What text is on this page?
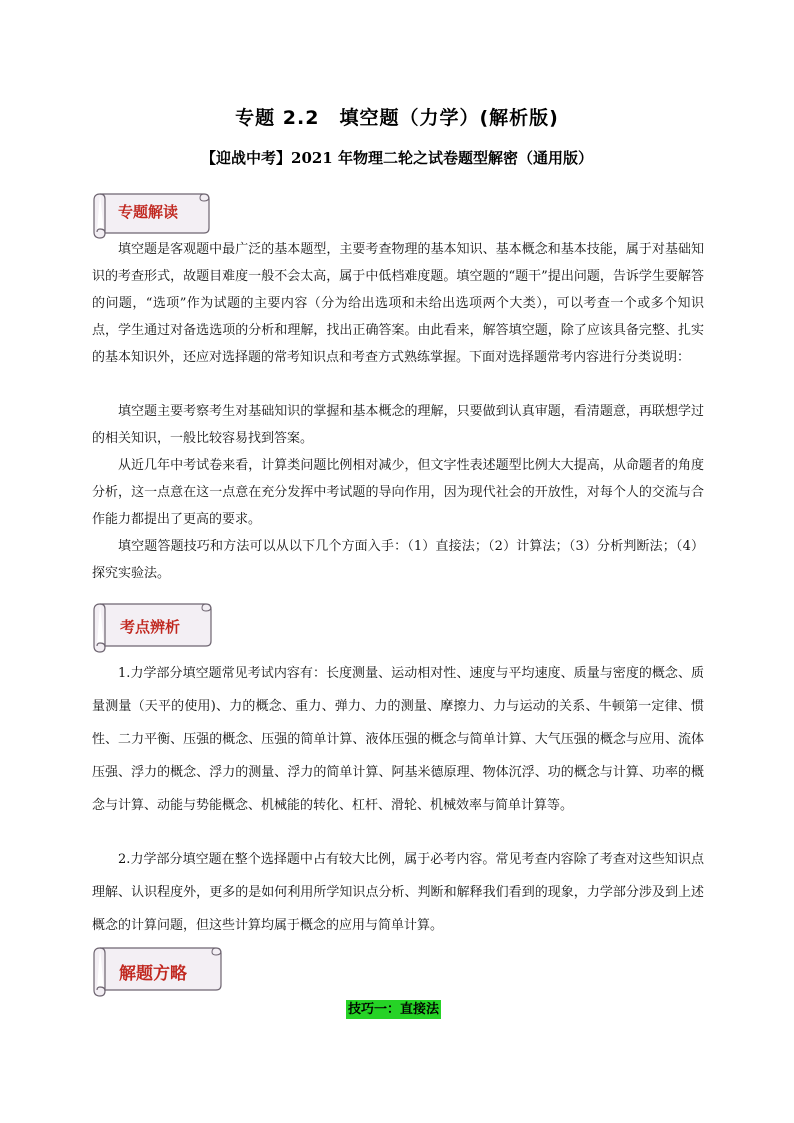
专题 2.2　填空题（力学）(解析版)
【迎战中考】2021 年物理二轮之试卷题型解密（通用版）
专题解读

填空题是客观题中最广泛的基本题型，主要考查物理的基本知识、基本概念和基本技能，属于对基础知识的考查形式，故题目难度一般不会太高，属于中低档难度题。填空题的“题干”提出问题，告诉学生要解答的问题，“选项”作为试题的主要内容（分为给出选项和未给出选项两个大类），可以考查一个或多个知识点，学生通过对备选选项的分析和理解，找出正确答案。由此看来，解答填空题，除了应该具备完整、扎实的基本知识外，还应对选择题的常考知识点和考查方式熟练掌握。下面对选择题常考内容进行分类说明：

填空题主要考察考生对基础知识的掌握和基本概念的理解，只要做到认真审题，看清题意，再联想学过的相关知识，一般比较容易找到答案。

从近几年中考试卷来看，计算类问题比例相对减少，但文字性表述题型比例大大提高，从命题者的角度分析，这一点意在这一点意在充分发挥中考试题的导向作用，因为现代社会的开放性，对每个人的交流与合作能力都提出了更高的要求。

填空题答题技巧和方法可以从以下几个方面入手：（1）直接法；（2）计算法；（3）分析判断法；（4）探究实验法。

考点辨析

1.力学部分填空题常见考试内容有：长度测量、运动相对性、速度与平均速度、质量与密度的概念、质量测量（天平的使用)、力的概念、重力、弹力、力的测量、摩擦力、力与运动的关系、牛顿第一定律、惯性、二力平衡、压强的概念、压强的简单计算、液体压强的概念与简单计算、大气压强的概念与应用、流体压强、浮力的概念、浮力的测量、浮力的简单计算、阿基米德原理、物体沉浮、功的概念与计算、功率的概念与计算、动能与势能概念、机械能的转化、杠杆、滑轮、机械效率与简单计算等。

2.力学部分填空题在整个选择题中占有较大比例，属于必考内容。常见考查内容除了考查对这些知识点理解、认识程度外，更多的是如何利用所学知识点分析、判断和解释我们看到的现象，力学部分涉及到上述概念的计算问题，但这些计算均属于概念的应用与简单计算。

解题方略
技巧一：直接法
